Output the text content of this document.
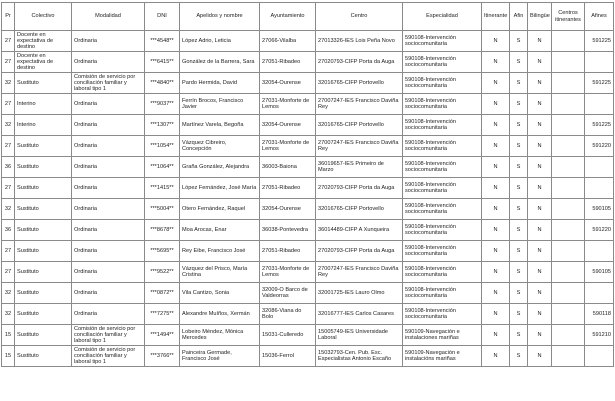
Pr	Colectivo	Modalidad	DNI	Apelidos y nombre	Ayuntamiento	Centro	Especialidad	Itinerante	Afin	Bilingüe	Centros itinerantes	Afines
27	Docente en expectativa de destino	Ordinaria	***4548**	López Adrio, Leticia	27066-Vilalba	27013326-IES Lois Peña Novo	590108-Intervención sociocomunitaria	N	S	N		591225
27	Docente en expectativa de destino	Ordinaria	***6415**	González de la Barrera, Sara	27051-Ribadeo	27020793-CIFP Porta da Auga	590108-Intervención sociocomunitaria	N	S	N		
32	Sustituto	Comisión de servicio por conciliación familiar y laboral tipo 1	***4840**	Pardo Hermida, David	32054-Ourense	32016765-CIFP Portovello	590108-Intervención sociocomunitaria	N	S	N		591225
27	Interino	Ordinaria	***9037**	Ferrín Brocos, Francisco Javier	27031-Monforte de Lemos	27007247-IES Francisco Daviña Rey	590108-Intervención sociocomunitaria	N	S	N		
32	Interino	Ordinaria	***1307**	Martínez Varela, Begoña	32054-Ourense	32016765-CIFP Portovello	590108-Intervención sociocomunitaria	N	S	N		591225
27	Sustituto	Ordinaria	***1054**	Vázquez Cibreiro, Concepción	27031-Monforte de Lemos	27007247-IES Francisco Daviña Rey	590108-Intervención sociocomunitaria	N	S	N		591220
36	Sustituto	Ordinaria	***1064**	Graña González, Alejandra	36003-Baiona	36019657-IES Primeiro de Marzo	590108-Intervención sociocomunitaria	N	S	N		
27	Sustituto	Ordinaria	***1415**	López Fernández, José María	27051-Ribadeo	27020793-CIFP Porta da Auga	590108-Intervención sociocomunitaria	N	S	N		
32	Sustituto	Ordinaria	***5004**	Otero Fernández, Raquel	32054-Ourense	32016765-CIFP Portovello	590108-Intervención sociocomunitaria	N	S	N		590105
36	Sustituto	Ordinaria	***8678**	Moa Arocas, Enar	36038-Pontevedra	36014489-CIFP A Xunqueira	590108-Intervención sociocomunitaria	N	S	N		591220
27	Sustituto	Ordinaria	***5695**	Rey Eibe, Francisco José	27051-Ribadeo	27020793-CIFP Porta da Auga	590108-Intervención sociocomunitaria	N	S	N		
27	Sustituto	Ordinaria	***9522**	Vázquez del Prisco, María Cristina	27031-Monforte de Lemos	27007247-IES Francisco Daviña Rey	590108-Intervención sociocomunitaria	N	S	N		590105
32	Sustituto	Ordinaria	***0872**	Vila Cantizo, Sonia	32009-O Barco de Valdeorras	32001725-IES Lauro Olmo	590108-Intervención sociocomunitaria	N	S	N		
32	Sustituto	Ordinaria	***7275**	Alexandre Muíños, Xermán	32086-Viana do Bolo	32016777-IES Carlos Casares	590108-Intervención sociocomunitaria	N	S	N		590118
15	Sustituto	Comisión de servicio por conciliación familiar y laboral tipo 1	***1494**	Lobeiro Méndez, Mónica Mercedes	15031-Culleredo	15005749-IES Universidade Laboral	590109-Navegación e instalaciones mariñas	N	S	N		591210
15	Sustituto	Comisión de servicio por conciliación familiar y laboral tipo 1	***3766**	Painceira Germade, Francisco José	15036-Ferrol	15032793-Cen. Pub. Esc. Especialistas Antonio Escaño	590109-Navegación e instalacións mariñas	N	S	N		
